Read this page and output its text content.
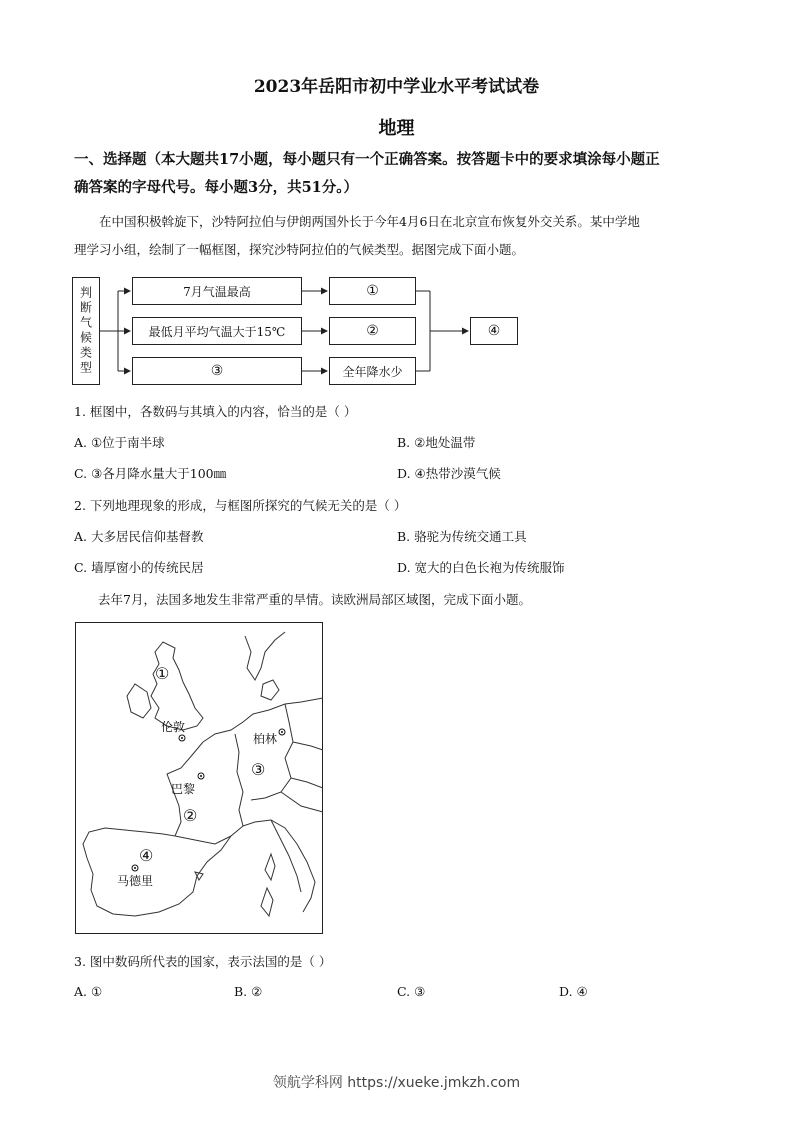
2023年岳阳市初中学业水平考试试卷
地理
一、选择题（本大题共17小题，每小题只有一个正确答案。按答题卡中的要求填涂每小题正
确答案的字母代号。每小题3分，共51分。）
在中国积极斡旋下，沙特阿拉伯与伊朗两国外长于今年4月6日在北京宣布恢复外交关系。某中学地
理学习小组，绘制了一幅框图，探究沙特阿拉伯的气候类型。据图完成下面小题。
判断气候类型	7月气温最高
最低月平均气温大于15℃
③
①
②
全年降水少
④
1. 框图中，各数码与其填入的内容，恰当的是（ ）
A. ①位于南半球	B. ②地处温带
C. ③各月降水量大于100㎜	D. ④热带沙漠气候
2. 下列地理现象的形成，与框图所探究的气候无关的是（ ）
A. 大多居民信仰基督教	B. 骆驼为传统交通工具
C. 墙厚窗小的传统民居	D. 宽大的白色长袍为传统服饰
去年7月，法国多地发生非常严重的旱情。读欧洲局部区域图，完成下面小题。
①
②
③
④
伦敦
巴黎
柏林
马德里
3. 图中数码所代表的国家，表示法国的是（ ）
A. ①	B. ②	C. ③	D. ④
领航学科网 https://xueke.jmkzh.com
